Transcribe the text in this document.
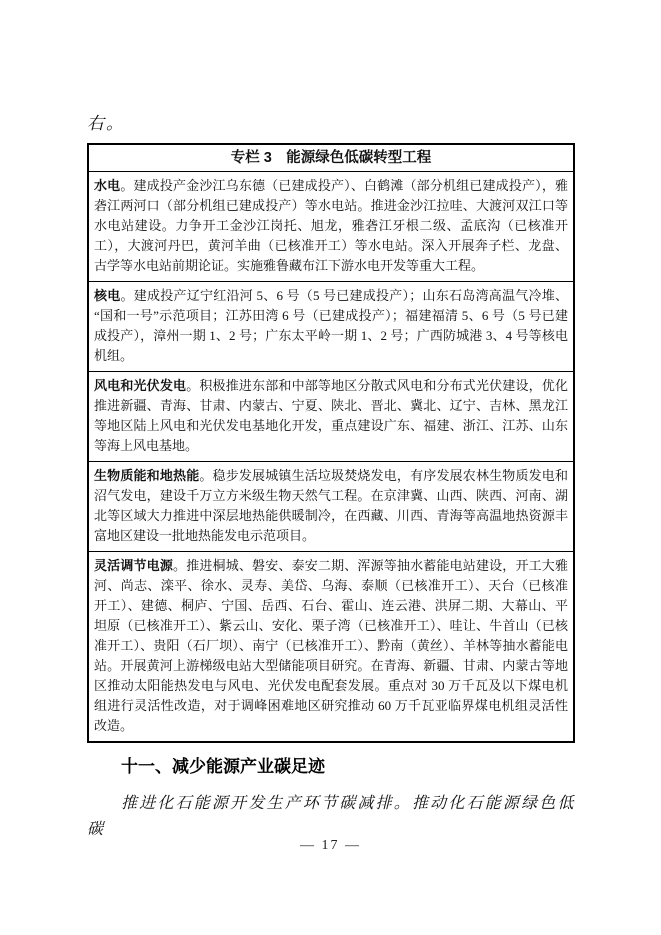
右。

专栏 3　能源绿色低碳转型工程
水电。建成投产金沙江乌东德（已建成投产）、白鹤滩（部分机组已建成投产），雅砻江两河口（部分机组已建成投产）等水电站。推进金沙江拉哇、大渡河双江口等水电站建设。力争开工金沙江岗托、旭龙，雅砻江牙根二级、孟底沟（已核准开工），大渡河丹巴，黄河羊曲（已核准开工）等水电站。深入开展奔子栏、龙盘、古学等水电站前期论证。实施雅鲁藏布江下游水电开发等重大工程。
核电。建成投产辽宁红沿河 5、6 号（5 号已建成投产）；山东石岛湾高温气冷堆、“国和一号”示范项目；江苏田湾 6 号（已建成投产）；福建福清 5、6 号（5 号已建成投产），漳州一期 1、2 号；广东太平岭一期 1、2 号；广西防城港 3、4 号等核电机组。
风电和光伏发电。积极推进东部和中部等地区分散式风电和分布式光伏建设，优化推进新疆、青海、甘肃、内蒙古、宁夏、陕北、晋北、冀北、辽宁、吉林、黑龙江等地区陆上风电和光伏发电基地化开发，重点建设广东、福建、浙江、江苏、山东等海上风电基地。
生物质能和地热能。稳步发展城镇生活垃圾焚烧发电，有序发展农林生物质发电和沼气发电，建设千万立方米级生物天然气工程。在京津冀、山西、陕西、河南、湖北等区域大力推进中深层地热能供暖制冷，在西藏、川西、青海等高温地热资源丰富地区建设一批地热能发电示范项目。
灵活调节电源。推进桐城、磐安、泰安二期、浑源等抽水蓄能电站建设，开工大雅河、尚志、滦平、徐水、灵寿、美岱、乌海、泰顺（已核准开工）、天台（已核准开工）、建德、桐庐、宁国、岳西、石台、霍山、连云港、洪屏二期、大幕山、平坦原（已核准开工）、紫云山、安化、栗子湾（已核准开工）、哇让、牛首山（已核准开工）、贵阳（石厂坝）、南宁（已核准开工）、黔南（黄丝）、羊林等抽水蓄能电站。开展黄河上游梯级电站大型储能项目研究。在青海、新疆、甘肃、内蒙古等地区推动太阳能热发电与风电、光伏发电配套发展。重点对 30 万千瓦及以下煤电机组进行灵活性改造，对于调峰困难地区研究推动 60 万千瓦亚临界煤电机组灵活性改造。
十一、减少能源产业碳足迹

推进化石能源开发生产环节碳减排。推动化石能源绿色低碳

— 17 —
